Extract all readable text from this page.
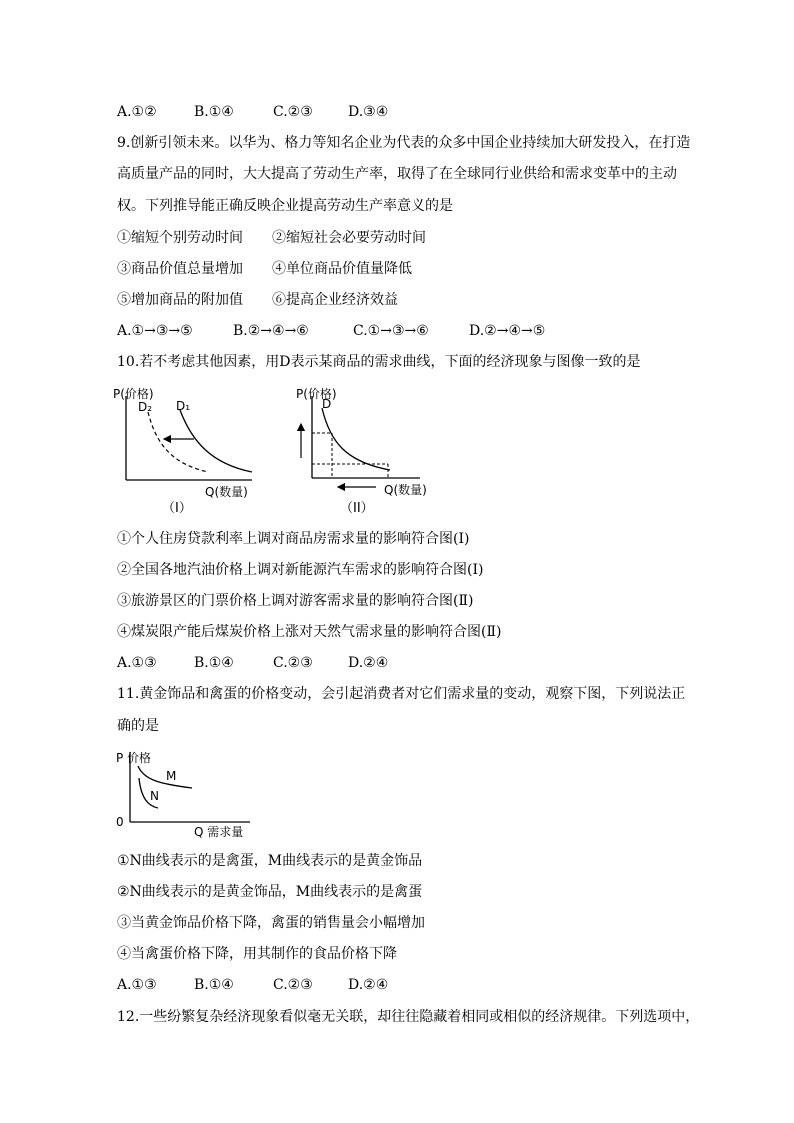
A.①②	B.①④	C.②③	D.③④
9.创新引领未来。以华为、格力等知名企业为代表的众多中国企业持续加大研发投入，在打造
高质量产品的同时，大大提高了劳动生产率，取得了在全球同行业供给和需求变革中的主动
权。下列推导能正确反映企业提高劳动生产率意义的是
①缩短个别劳动时间 ②缩短社会必要劳动时间
③商品价值总量增加 ④单位商品价值量降低
⑤增加商品的附加值 ⑥提高企业经济效益
A.①→③→⑤	B.②→④→⑥	C.①→③→⑥	D.②→④→⑤
10.若不考虑其他因素，用D表示某商品的需求曲线，下面的经济现象与图像一致的是
P(价格)
D₂ D₁
Q(数量)
（I）
P(价格)
D
Q(数量)
（II）
①个人住房贷款利率上调对商品房需求量的影响符合图(I)
②全国各地汽油价格上调对新能源汽车需求的影响符合图(I)
③旅游景区的门票价格上调对游客需求量的影响符合图(Ⅱ)
④煤炭限产能后煤炭价格上涨对天然气需求量的影响符合图(Ⅱ)
A.①③	B.①④	C.②③	D.②④
11.黄金饰品和禽蛋的价格变动，会引起消费者对它们需求量的变动，观察下图，下列说法正
确的是
P 价格
M
N
0
Q 需求量
①N曲线表示的是禽蛋，M曲线表示的是黄金饰品
②N曲线表示的是黄金饰品，M曲线表示的是禽蛋
③当黄金饰品价格下降，禽蛋的销售量会小幅增加
④当禽蛋价格下降，用其制作的食品价格下降
A.①③	B.①④	C.②③	D.②④
12.一些纷繁复杂经济现象看似毫无关联，却往往隐藏着相同或相似的经济规律。下列选项中，
